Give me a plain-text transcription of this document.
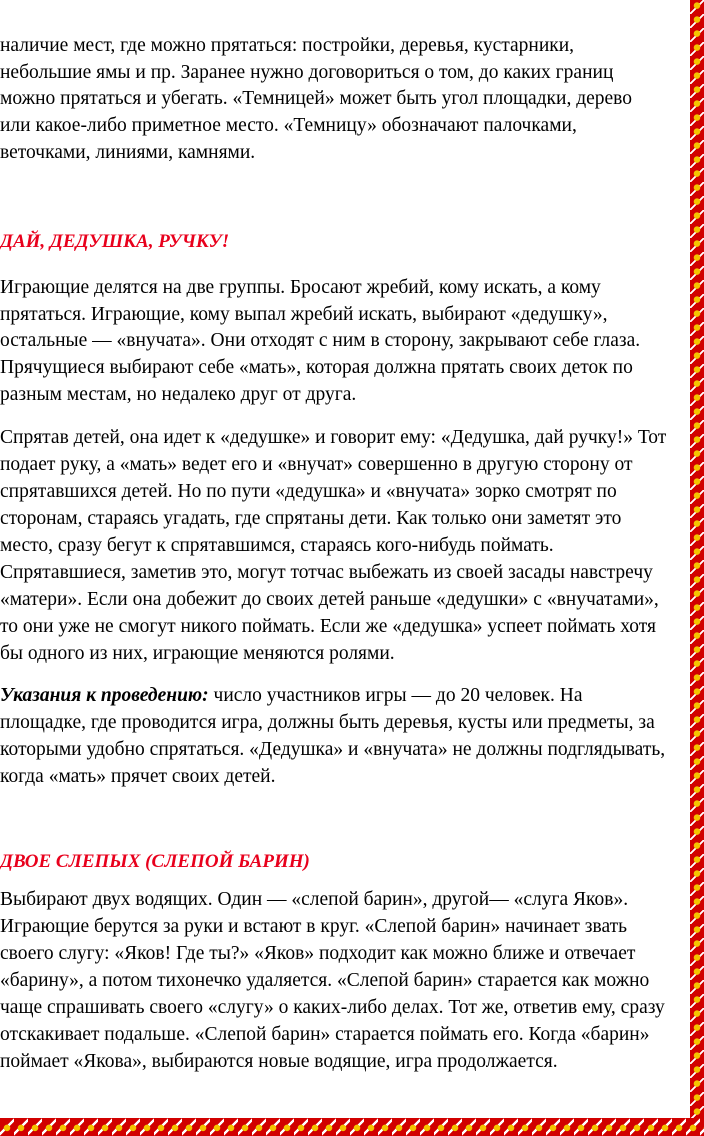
наличие мест, где можно прятаться: постройки, деревья, кустарники,
небольшие ямы и пр. Заранее нужно договориться о том, до каких границ
можно прятаться и убегать. «Темницей» может быть угол площадки, дерево
или какое-либо приметное место. «Темницу» обозначают палочками,
веточками, линиями, камнями.
ДАЙ, ДЕДУШКА, РУЧКУ!
Играющие делятся на две группы. Бросают жребий, кому искать, а кому
прятаться. Играющие, кому выпал жребий искать, выбирают «дедушку»,
остальные — «внучата». Они отходят с ним в сторону, закрывают себе глаза.
Прячущиеся выбирают себе «мать», которая должна прятать своих деток по
разным местам, но недалеко друг от друга.
Спрятав детей, она идет к «дедушке» и говорит ему: «Дедушка, дай ручку!» Тот
подает руку, а «мать» ведет его и «внучат» совершенно в другую сторону от
спрятавшихся детей. Но по пути «дедушка» и «внучата» зорко смотрят по
сторонам, стараясь угадать, где спрятаны дети. Как только они заметят это
место, сразу бегут к спрятавшимся, стараясь кого-нибудь поймать.
Спрятавшиеся, заметив это, могут тотчас выбежать из своей засады навстречу
«матери». Если она добежит до своих детей раньше «дедушки» с «внучатами»,
то они уже не смогут никого поймать. Если же «дедушка» успеет поймать хотя
бы одного из них, играющие меняются ролями.
Указания к проведению: число участников игры — до 20 человек. На
площадке, где проводится игра, должны быть деревья, кусты или предметы, за
которыми удобно спрятаться. «Дедушка» и «внучата» не должны подглядывать,
когда «мать» прячет своих детей.
ДВОЕ СЛЕПЫХ (СЛЕПОЙ БАРИН)
Выбирают двух водящих. Один — «слепой барин», другой— «слуга Яков».
Играющие берутся за руки и встают в круг. «Слепой барин» начинает звать
своего слугу: «Яков! Где ты?» «Яков» подходит как можно ближе и отвечает
«барину», а потом тихонечко удаляется. «Слепой барин» старается как можно
чаще спрашивать своего «слугу» о каких-либо делах. Тот же, ответив ему, сразу
отскакивает подальше. «Слепой барин» старается поймать его. Когда «барин»
поймает «Якова», выбираются новые водящие, игра продолжается.
